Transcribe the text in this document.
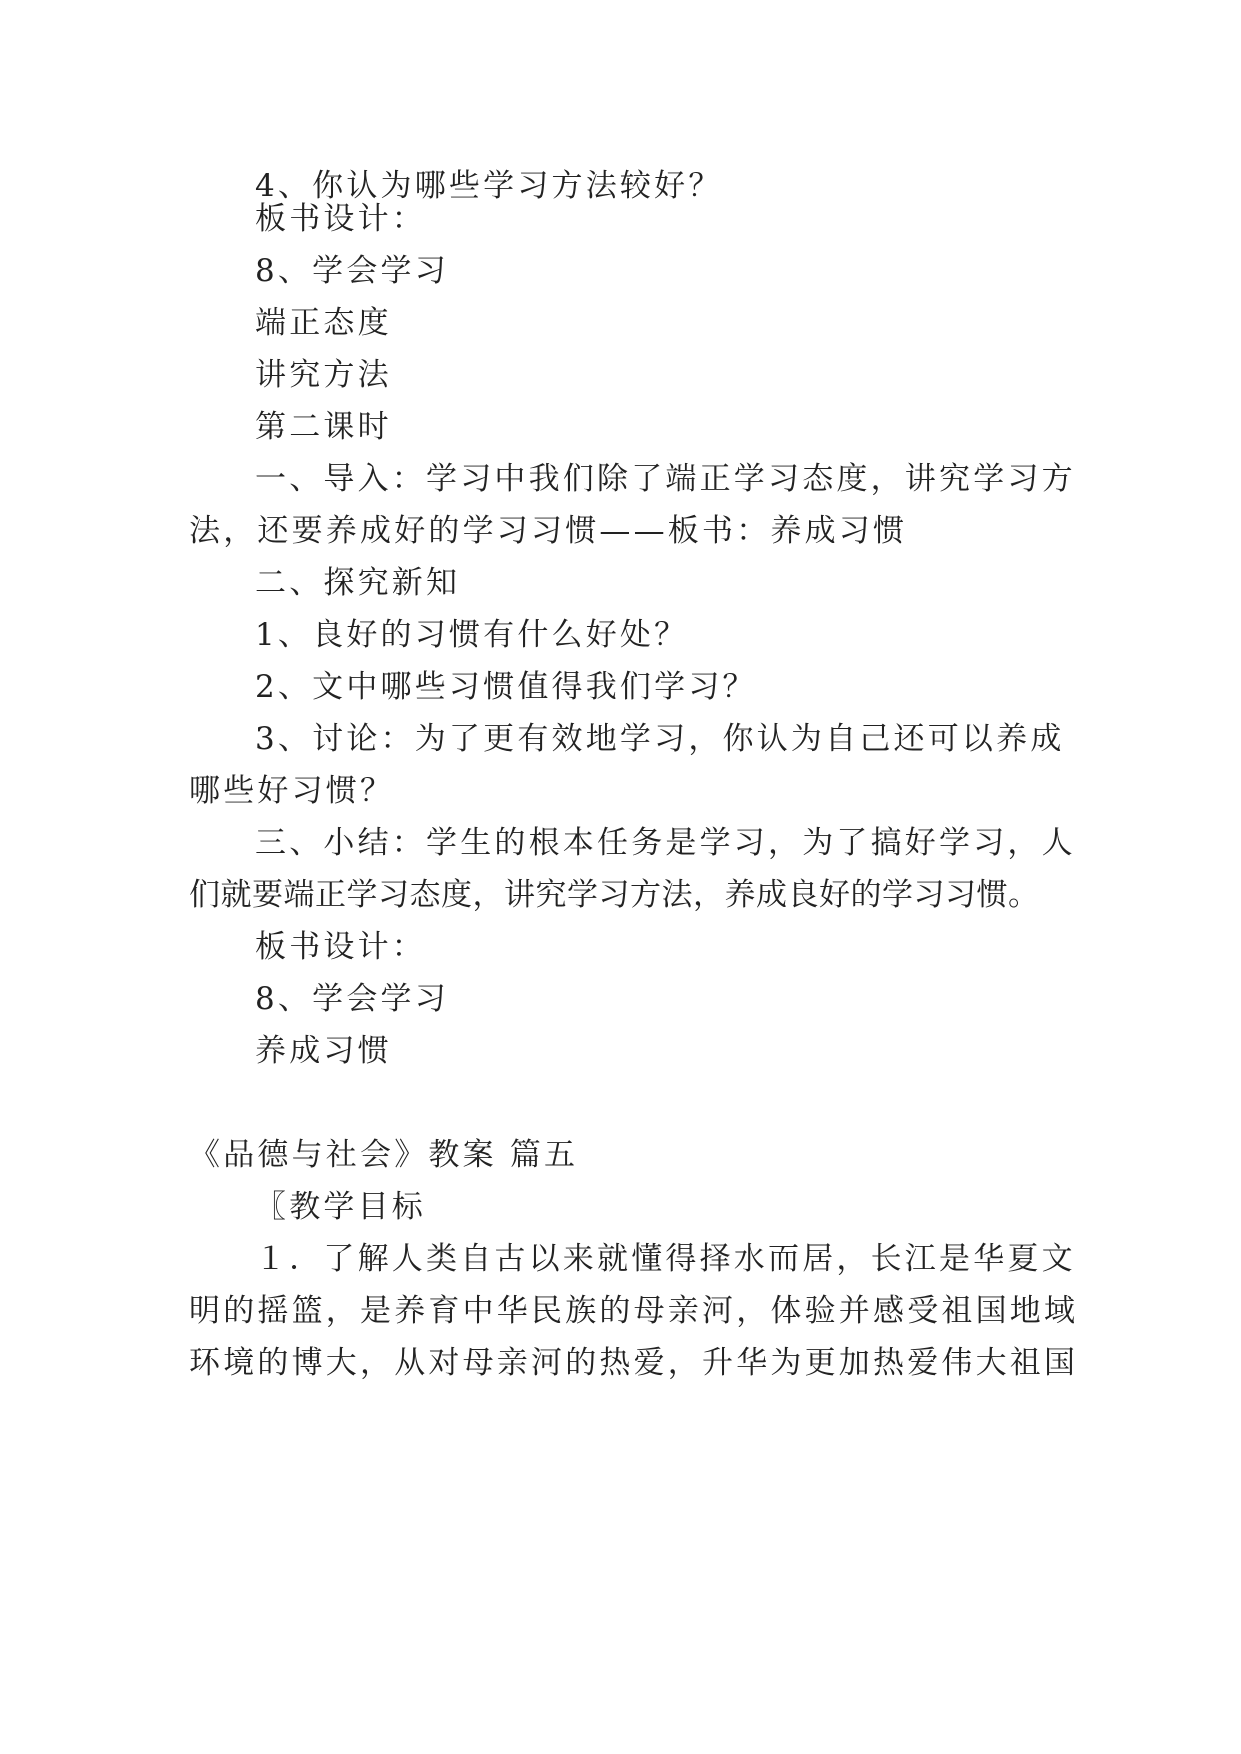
4、你认为哪些学习方法较好？
板书设计：
8、学会学习
端正态度
讲究方法
第二课时
一、导入：学习中我们除了端正学习态度，讲究学习方
法，还要养成好的学习习惯——板书：养成习惯
二、探究新知
1、良好的习惯有什么好处？
2、文中哪些习惯值得我们学习？
3、讨论：为了更有效地学习，你认为自己还可以养成
哪些好习惯？
三、小结：学生的根本任务是学习，为了搞好学习，人
们就要端正学习态度，讲究学习方法，养成良好的学习习惯。
板书设计：
8、学会学习
养成习惯
《品德与社会》教案 篇五
〖教学目标
１．了解人类自古以来就懂得择水而居，长江是华夏文
明的摇篮，是养育中华民族的母亲河，体验并感受祖国地域
环境的博大，从对母亲河的热爱，升华为更加热爱伟大祖国
